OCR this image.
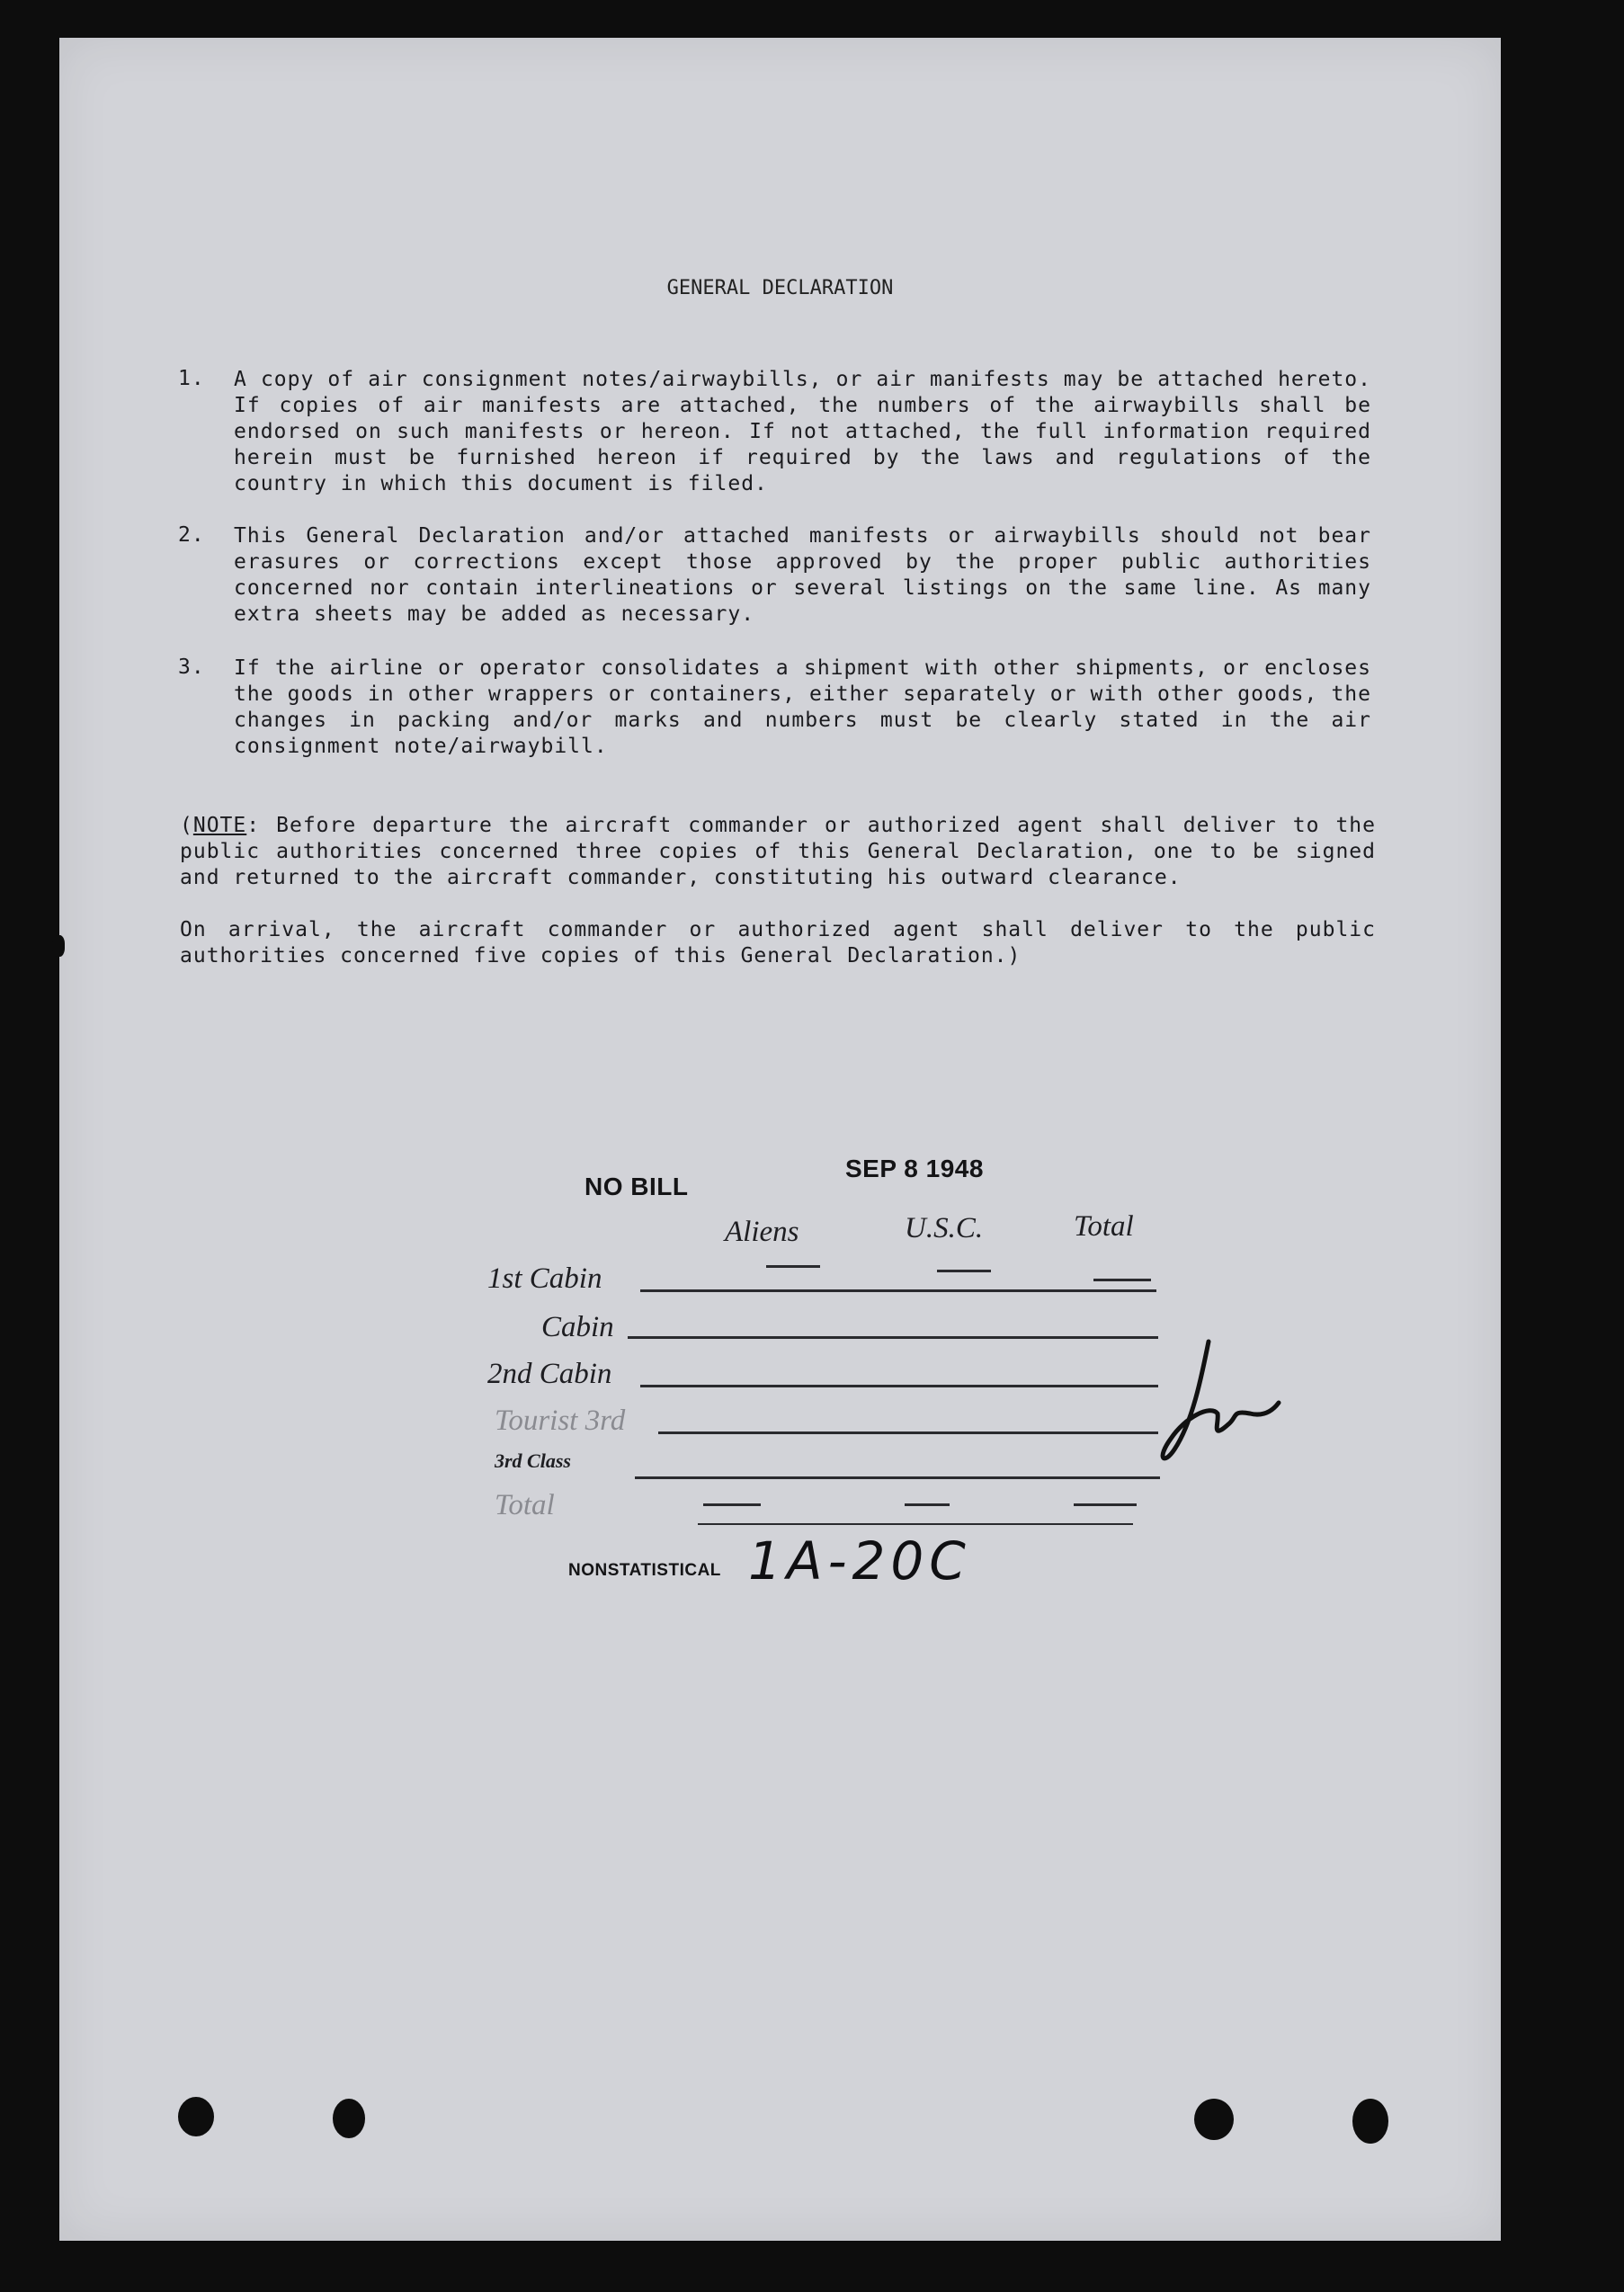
GENERAL DECLARATION
1. A copy of air consignment notes/airwaybills, or air manifests may be attached hereto. If copies of air manifests are attached, the numbers of the airwaybills shall be endorsed on such manifests or hereon. If not attached, the full information required herein must be furnished hereon if required by the laws and regulations of the country in which this document is filed.
2. This General Declaration and/or attached manifests or airwaybills should not bear erasures or corrections except those approved by the proper public authorities concerned nor contain interlineations or several listings on the same line. As many extra sheets may be added as necessary.
3. If the airline or operator consolidates a shipment with other shipments, or encloses the goods in other wrappers or containers, either separately or with other goods, the changes in packing and/or marks and numbers must be clearly stated in the air consignment note/airwaybill.
(NOTE: Before departure the aircraft commander or authorized agent shall deliver to the public authorities concerned three copies of this General Declaration, one to be signed and returned to the aircraft commander, constituting his outward clearance.
On arrival, the aircraft commander or authorized agent shall deliver to the public authorities concerned five copies of this General Declaration.)
NO BILL
SEP 8 1948
Aliens	U.S.C.	Total
1st Cabin
Cabin
2nd Cabin
Tourist 3rd
3rd Class
Total
NONSTATISTICAL 1A-20C
